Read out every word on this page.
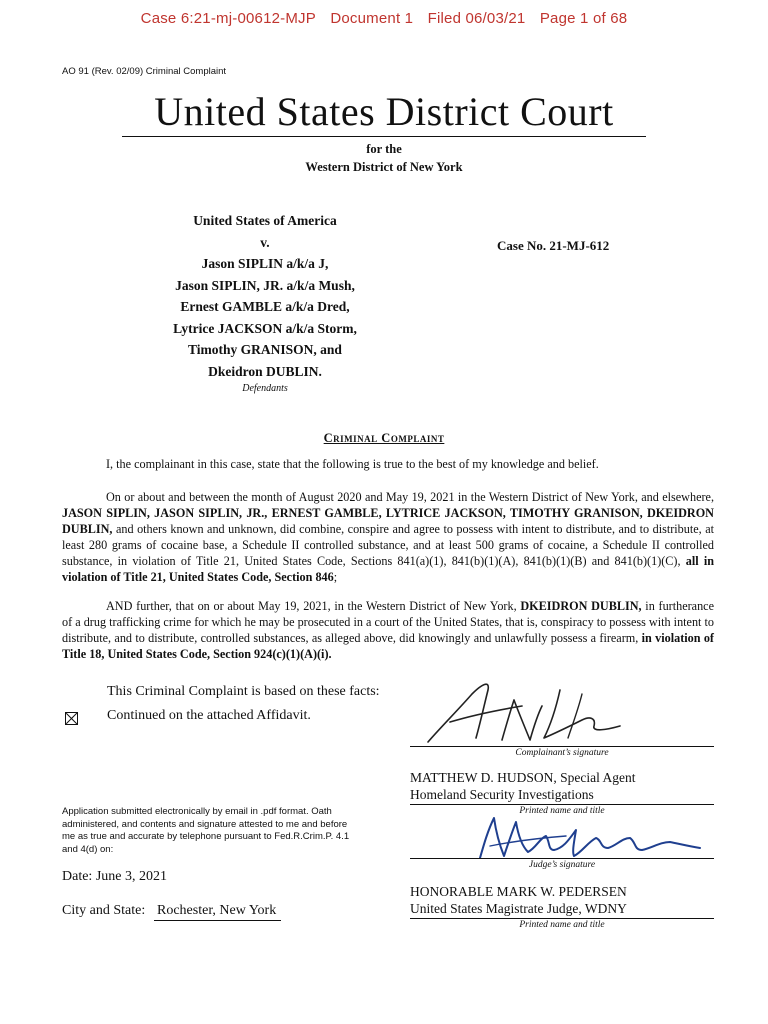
Case 6:21-mj-00612-MJP Document 1 Filed 06/03/21 Page 1 of 68
AO 91 (Rev. 02/09) Criminal Complaint
United States District Court
for the
Western District of New York
United States of America
v.
Jason SIPLIN a/k/a J,
Jason SIPLIN, JR. a/k/a Mush,
Ernest GAMBLE a/k/a Dred,
Lytrice JACKSON a/k/a Storm,
Timothy GRANISON, and
Dkeidron DUBLIN.
Defendants
Case No. 21-MJ-612
Criminal Complaint
I, the complainant in this case, state that the following is true to the best of my knowledge and belief.
On or about and between the month of August 2020 and May 19, 2021 in the Western District of New York, and elsewhere, JASON SIPLIN, JASON SIPLIN, JR., ERNEST GAMBLE, LYTRICE JACKSON, TIMOTHY GRANISON, DKEIDRON DUBLIN, and others known and unknown, did combine, conspire and agree to possess with intent to distribute, and to distribute, at least 280 grams of cocaine base, a Schedule II controlled substance, and at least 500 grams of cocaine, a Schedule II controlled substance, in violation of Title 21, United States Code, Sections 841(a)(1), 841(b)(1)(A), 841(b)(1)(B) and 841(b)(1)(C), all in violation of Title 21, United States Code, Section 846;
AND further, that on or about May 19, 2021, in the Western District of New York, DKEIDRON DUBLIN, in furtherance of a drug trafficking crime for which he may be prosecuted in a court of the United States, that is, conspiracy to possess with intent to distribute, and to distribute, controlled substances, as alleged above, did knowingly and unlawfully possess a firearm, in violation of Title 18, United States Code, Section 924(c)(1)(A)(i).
This Criminal Complaint is based on these facts:
Continued on the attached Affidavit.
Complainant’s signature
MATTHEW D. HUDSON, Special Agent
Homeland Security Investigations
Printed name and title
Application submitted electronically by email in .pdf format. Oath administered, and contents and signature attested to me and before me as true and accurate by telephone pursuant to Fed.R.Crim.P. 4.1 and 4(d) on:
Judge’s signature
Date: June 3, 2021
City and State: Rochester, New York
HONORABLE MARK W. PEDERSEN
United States Magistrate Judge, WDNY
Printed name and title
